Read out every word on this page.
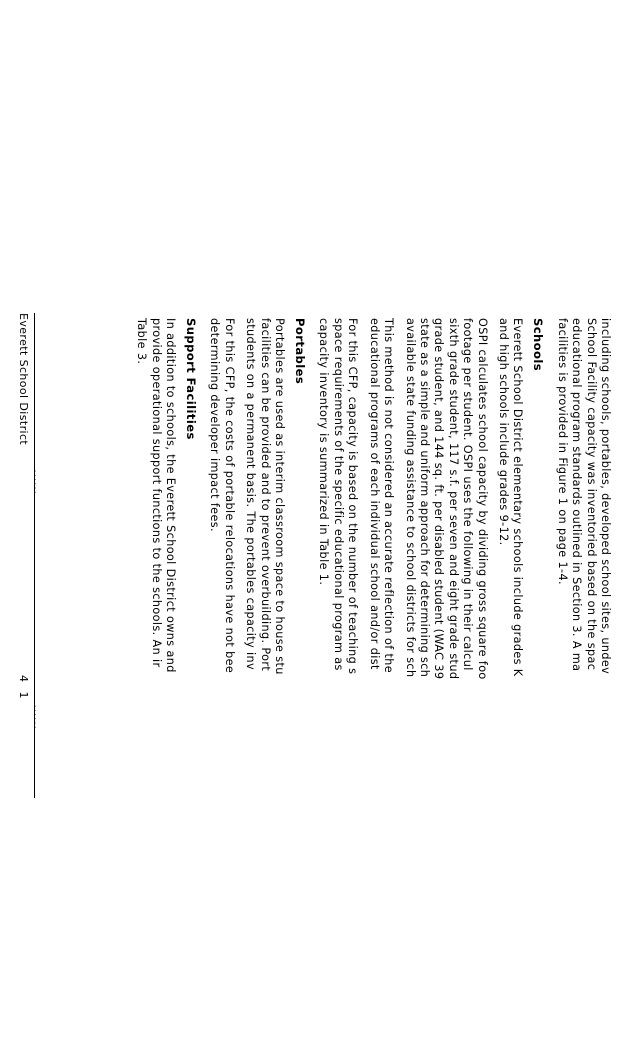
including schools, portables, developed school sites, undev

School Facility capacity was inventoried based on the spac

educational program standards outlined in Section 3. A ma

facilities is provided in Figure 1 on page 1-4.

Schools

Everett School District elementary schools include grades K

and high schools include grades 9-12.

OSPI calculates school capacity by dividing gross square foo

footage per student. OSPI uses the following in their calcul

sixth grade student, 117 s.f. per seven and eight grade stud

grade student, and 144 sq. ft. per disabled student (WAC 39

state as a simple and uniform approach for determining sch

available state funding assistance to school districts for sch

This method is not considered an accurate reflection of the

educational programs of each individual school and/or dist

For this CFP, capacity is based on the number of teaching s

space requirements of the specific educational program as

capacity inventory is summarized in Table 1.

Portables

Portables are used as interim classroom space to house stu

facilities can be provided and to prevent overbuilding. Port

students on a permanent basis. The portables capacity inv

For this CFP, the costs of portable relocations have not bee

determining developer impact fees.

Support Facilities

In addition to schools, the Everett School District owns and

provide operational support functions to the schools. An ir

Table 3.

......
......
Everett School District
4 1
